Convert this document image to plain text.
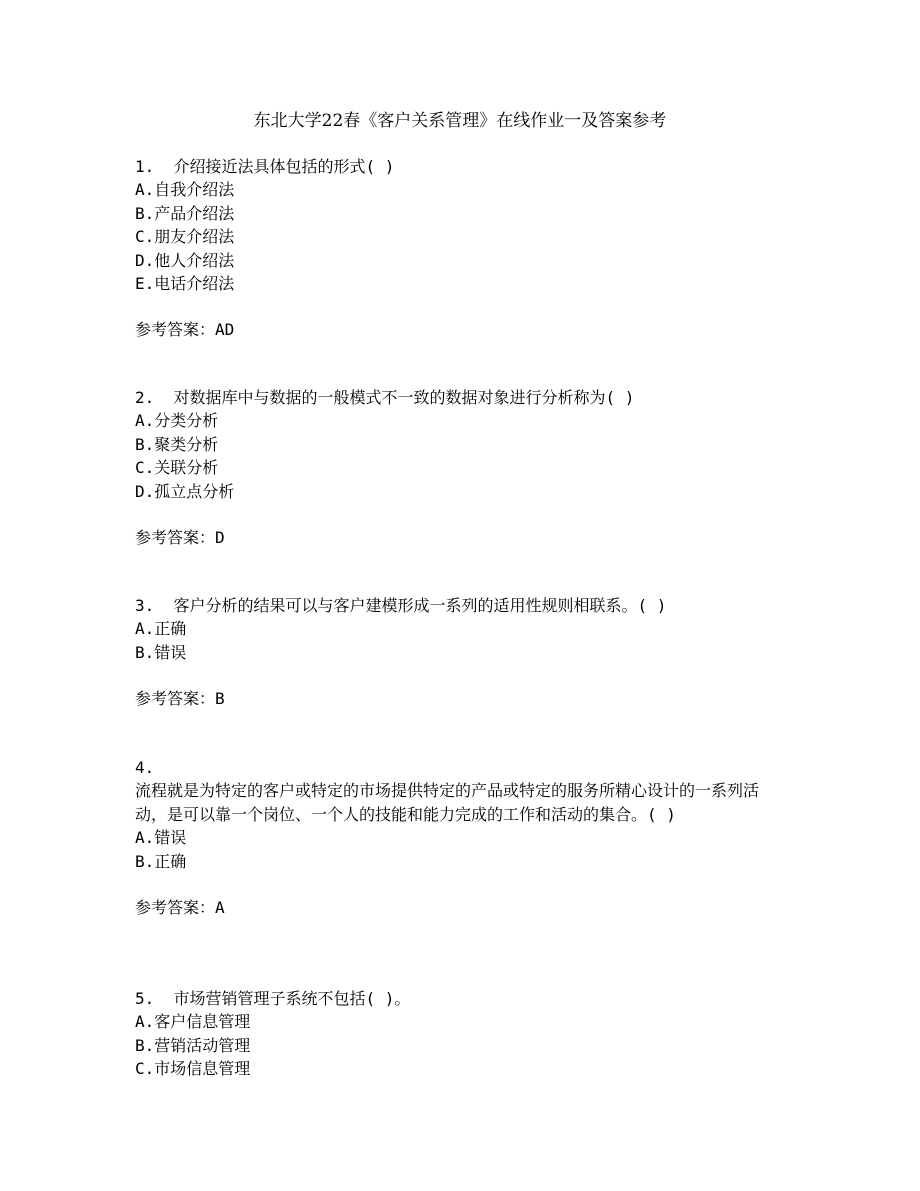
东北大学22春《客户关系管理》在线作业一及答案参考
1.  介绍接近法具体包括的形式( )
A.自我介绍法
B.产品介绍法
C.朋友介绍法
D.他人介绍法
E.电话介绍法
参考答案：AD
2.  对数据库中与数据的一般模式不一致的数据对象进行分析称为( )
A.分类分析
B.聚类分析
C.关联分析
D.孤立点分析
参考答案：D
3.  客户分析的结果可以与客户建模形成一系列的适用性规则相联系。( )
A.正确
B.错误
参考答案：B
4.
流程就是为特定的客户或特定的市场提供特定的产品或特定的服务所精心设计的一系列活动，是可以靠一个岗位、一个人的技能和能力完成的工作和活动的集合。( )
A.错误
B.正确
参考答案：A
5.  市场营销管理子系统不包括( )。
A.客户信息管理
B.营销活动管理
C.市场信息管理
